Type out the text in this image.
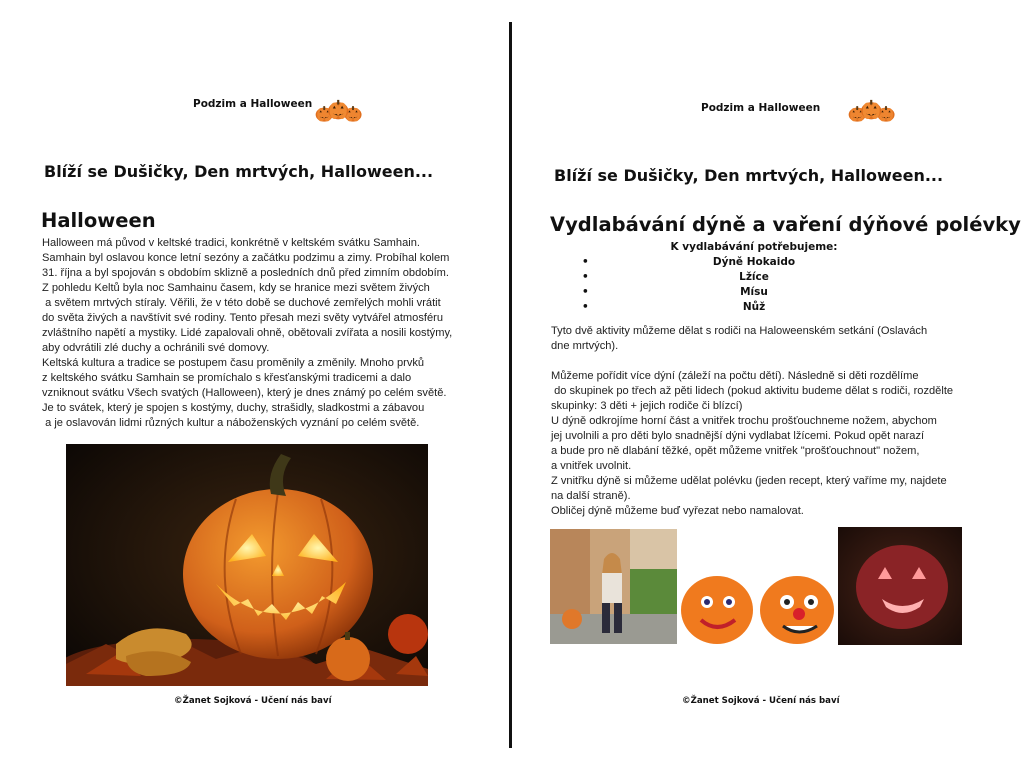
Podzim a Halloween
Blíží se Dušičky, Den mrtvých, Halloween...
Halloween
Halloween má původ v keltské tradici, konkrétně v keltském svátku Samhain.
Samhain byl oslavou konce letní sezóny a začátku podzimu a zimy. Probíhal kolem
31. října a byl spojován s obdobím sklizně a posledních dnů před zimním obdobím.
Z pohledu Keltů byla noc Samhainu časem, kdy se hranice mezi světem živých
a světem mrtvých stíraly. Věřili, že v této době se duchové zemřelých mohli vrátit
do světa živých a navštívit své rodiny. Tento přesah mezi světy vytvářel atmosféru
zvláštního napětí a mystiky. Lidé zapalovali ohně, obětovali zvířata a nosili kostýmy,
aby odvrátili zlé duchy a ochránili své domovy.
Keltská kultura a tradice se postupem času proměnily a změnily. Mnoho prvků
z keltského svátku Samhain se promíchalo s křesťanskými tradicemi a dalo
vzniknout svátku Všech svatých (Halloween), který je dnes známý po celém světě.
Je to svátek, který je spojen s kostýmy, duchy, strašidly, sladkostmi a zábavou
a je oslavován lidmi různých kultur a náboženských vyznání po celém světě.
©Žanet Sojková - Učení nás baví
Podzim a Halloween
Blíží se Dušičky, Den mrtvých, Halloween...
Vydlabávání dýně a vaření dýňové polévky
K vydlabávání potřebujeme:
•	Dýně Hokaido
•	Lžíce
•	Mísu
•	Nůž
Tyto dvě aktivity můžeme dělat s rodiči na Haloweenském setkání (Oslavách
dne mrtvých).
Můžeme pořídit více dýní (záleží na počtu dětí). Následně si děti rozdělíme
do skupinek po třech až pěti lidech (pokud aktivitu budeme dělat s rodiči, rozdělte
skupinky: 3 děti + jejich rodiče či blízcí)
U dýně odkrojíme horní část a vnitřek trochu prošťouchneme nožem, abychom
jej uvolnili a pro děti bylo snadnější dýni vydlabat lžícemi. Pokud opět narazí
a bude pro ně dlabání těžké, opět můžeme vnitřek "prošťouchnout" nožem,
a vnitřek uvolnit.
Z vnitřku dýně si můžeme udělat polévku (jeden recept, který vaříme my, najdete
na další straně).
Obličej dýně můžeme buď vyřezat nebo namalovat.
©Žanet Sojková - Učení nás baví
